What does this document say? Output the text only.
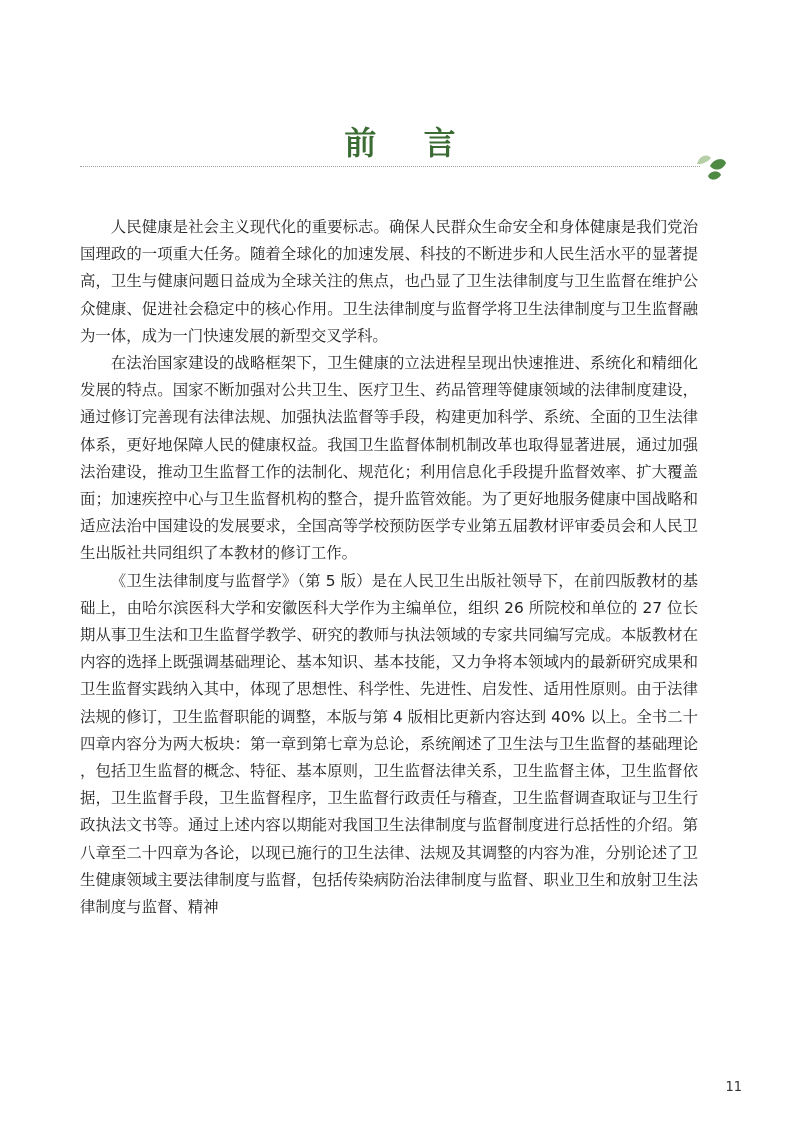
前 言

人民健康是社会主义现代化的重要标志。确保人民群众生命安全和身体健康是我们党治国理政的一项重大任务。随着全球化的加速发展、科技的不断进步和人民生活水平的显著提高，卫生与健康问题日益成为全球关注的焦点，也凸显了卫生法律制度与卫生监督在维护公众健康、促进社会稳定中的核心作用。卫生法律制度与监督学将卫生法律制度与卫生监督融为一体，成为一门快速发展的新型交叉学科。

在法治国家建设的战略框架下，卫生健康的立法进程呈现出快速推进、系统化和精细化发展的特点。国家不断加强对公共卫生、医疗卫生、药品管理等健康领域的法律制度建设，通过修订完善现有法律法规、加强执法监督等手段，构建更加科学、系统、全面的卫生法律体系，更好地保障人民的健康权益。我国卫生监督体制机制改革也取得显著进展，通过加强法治建设，推动卫生监督工作的法制化、规范化；利用信息化手段提升监督效率、扩大覆盖面；加速疾控中心与卫生监督机构的整合，提升监管效能。为了更好地服务健康中国战略和适应法治中国建设的发展要求，全国高等学校预防医学专业第五届教材评审委员会和人民卫生出版社共同组织了本教材的修订工作。

《卫生法律制度与监督学》（第 5 版）是在人民卫生出版社领导下，在前四版教材的基础上，由哈尔滨医科大学和安徽医科大学作为主编单位，组织 26 所院校和单位的 27 位长期从事卫生法和卫生监督学教学、研究的教师与执法领域的专家共同编写完成。本版教材在内容的选择上既强调基础理论、基本知识、基本技能，又力争将本领域内的最新研究成果和卫生监督实践纳入其中，体现了思想性、科学性、先进性、启发性、适用性原则。由于法律法规的修订，卫生监督职能的调整，本版与第 4 版相比更新内容达到 40% 以上。全书二十四章内容分为两大板块：第一章到第七章为总论，系统阐述了卫生法与卫生监督的基础理论，包括卫生监督的概念、特征、基本原则，卫生监督法律关系，卫生监督主体，卫生监督依据，卫生监督手段，卫生监督程序，卫生监督行政责任与稽查，卫生监督调查取证与卫生行政执法文书等。通过上述内容以期能对我国卫生法律制度与监督制度进行总括性的介绍。第八章至二十四章为各论，以现已施行的卫生法律、法规及其调整的内容为准，分别论述了卫生健康领域主要法律制度与监督，包括传染病防治法律制度与监督、职业卫生和放射卫生法律制度与监督、精神

11
